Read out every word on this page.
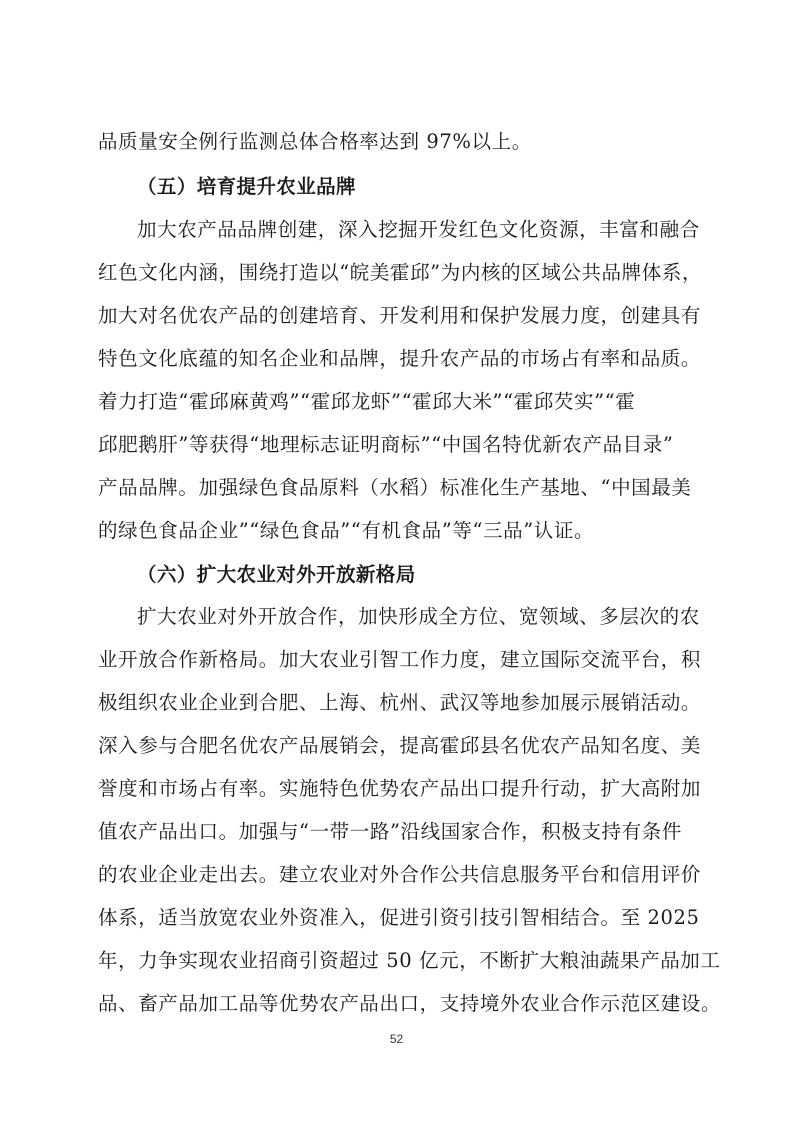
品质量安全例行监测总体合格率达到 97%以上。
（五）培育提升农业品牌
加大农产品品牌创建，深入挖掘开发红色文化资源，丰富和融合
红色文化内涵，围绕打造以“皖美霍邱”为内核的区域公共品牌体系，
加大对名优农产品的创建培育、开发利用和保护发展力度，创建具有
特色文化底蕴的知名企业和品牌，提升农产品的市场占有率和品质。
着力打造“霍邱麻黄鸡”“霍邱龙虾”“霍邱大米”“霍邱芡实”“霍
邱肥鹅肝”等获得“地理标志证明商标”“中国名特优新农产品目录”
产品品牌。加强绿色食品原料（水稻）标准化生产基地、“中国最美
的绿色食品企业”“绿色食品”“有机食品”等“三品”认证。
（六）扩大农业对外开放新格局
扩大农业对外开放合作，加快形成全方位、宽领域、多层次的农
业开放合作新格局。加大农业引智工作力度，建立国际交流平台，积
极组织农业企业到合肥、上海、杭州、武汉等地参加展示展销活动。
深入参与合肥名优农产品展销会，提高霍邱县名优农产品知名度、美
誉度和市场占有率。实施特色优势农产品出口提升行动，扩大高附加
值农产品出口。加强与“一带一路”沿线国家合作，积极支持有条件
的农业企业走出去。建立农业对外合作公共信息服务平台和信用评价
体系，适当放宽农业外资准入，促进引资引技引智相结合。至 2025
年，力争实现农业招商引资超过 50 亿元，不断扩大粮油蔬果产品加工
品、畜产品加工品等优势农产品出口，支持境外农业合作示范区建设。
52
